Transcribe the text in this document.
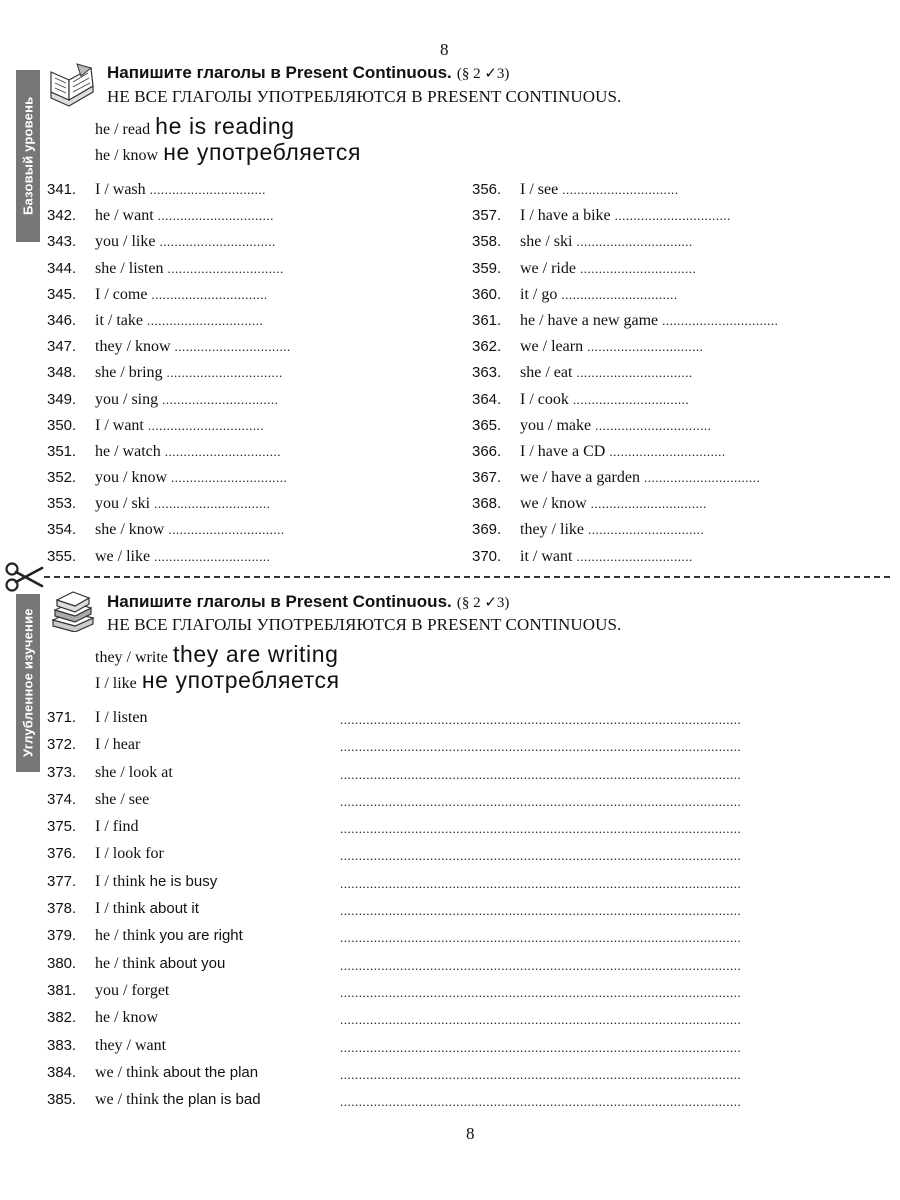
8
Базовый уровень
Напишите глаголы в Present Continuous. (§ 2 ✓3)
НЕ ВСЕ ГЛАГОЛЫ УПОТРЕБЛЯЮТСЯ В PRESENT CONTINUOUS.
he / read he is reading
he / know не употребляется
341. I / wash ...............................
342. he / want ...............................
343. you / like ...............................
344. she / listen ...............................
345. I / come ...............................
346. it / take ...............................
347. they / know ...............................
348. she / bring ...............................
349. you / sing ...............................
350. I / want ...............................
351. he / watch ...............................
352. you / know ...............................
353. you / ski ...............................
354. she / know ...............................
355. we / like ...............................
356. I / see ...............................
357. I / have a bike ...............................
358. she / ski ...............................
359. we / ride ...............................
360. it / go ...............................
361. he / have a new game ...............................
362. we / learn ...............................
363. she / eat ...............................
364. I / cook ...............................
365. you / make ...............................
366. I / have a CD ...............................
367. we / have a garden ...............................
368. we / know ...............................
369. they / like ...............................
370. it / want ...............................
Углубленное изучение
Напишите глаголы в Present Continuous. (§ 2 ✓3)
НЕ ВСЕ ГЛАГОЛЫ УПОТРЕБЛЯЮТСЯ В PRESENT CONTINUOUS.
they / write they are writing
I / like не употребляется
371. I / listen
372. I / hear
373. she / look at
374. she / see
375. I / find
376. I / look for
377. I / think he is busy
378. I / think about it
379. he / think you are right
380. he / think about you
381. you / forget
382. he / know
383. they / want
384. we / think about the plan
385. we / think the plan is bad
...........................................................................................................
...........................................................................................................
...........................................................................................................
...........................................................................................................
...........................................................................................................
...........................................................................................................
...........................................................................................................
...........................................................................................................
...........................................................................................................
...........................................................................................................
...........................................................................................................
...........................................................................................................
...........................................................................................................
...........................................................................................................
...........................................................................................................
8
